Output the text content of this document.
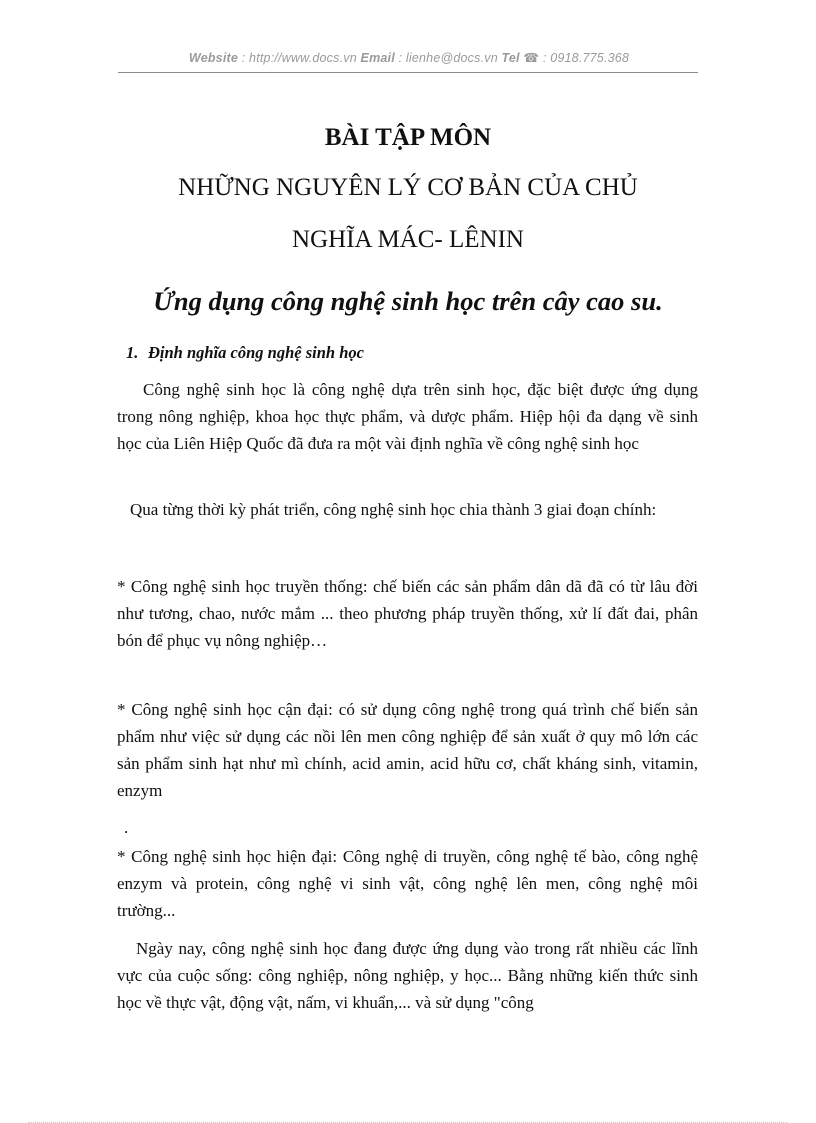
Website : http://www.docs.vn Email : lienhe@docs.vn Tel ☎ : 0918.775.368
BÀI TẬP MÔN
NHỮNG NGUYÊN LÝ CƠ BẢN CỦA CHỦ
NGHĨA MÁC- LÊNIN
Ứng dụng công nghệ sinh học trên cây cao su.
1. Định nghĩa công nghệ sinh học
Công nghệ sinh học là công nghệ dựa trên sinh học, đặc biệt được ứng dụng trong nông nghiệp, khoa học thực phẩm, và dược phẩm. Hiệp hội đa dạng về sinh học của Liên Hiệp Quốc đã đưa ra một vài định nghĩa về công nghệ sinh học
Qua từng thời kỳ phát triển, công nghệ sinh học chia thành 3 giai đoạn chính:
* Công nghệ sinh học truyền thống: chế biến các sản phẩm dân dã đã có từ lâu đời như tương, chao, nước mắm ... theo phương pháp truyền thống, xử lí đất đai, phân bón để phục vụ nông nghiệp…
* Công nghệ sinh học cận đại: có sử dụng công nghệ trong quá trình chế biến sản phẩm như việc sử dụng các nồi lên men công nghiệp để sản xuất ở quy mô lớn các sản phẩm sinh hạt như mì chính, acid amin, acid hữu cơ, chất kháng sinh, vitamin, enzym
.
* Công nghệ sinh học hiện đại: Công nghệ di truyền, công nghệ tế bào, công nghệ enzym và protein, công nghệ vi sinh vật, công nghệ lên men, công nghệ môi trường...
Ngày nay, công nghệ sinh học đang được ứng dụng vào trong rất nhiều các lĩnh vực của cuộc sống: công nghiệp, nông nghiệp, y học... Bằng những kiến thức sinh học về thực vật, động vật, nấm, vi khuẩn,... và sử dụng "công
